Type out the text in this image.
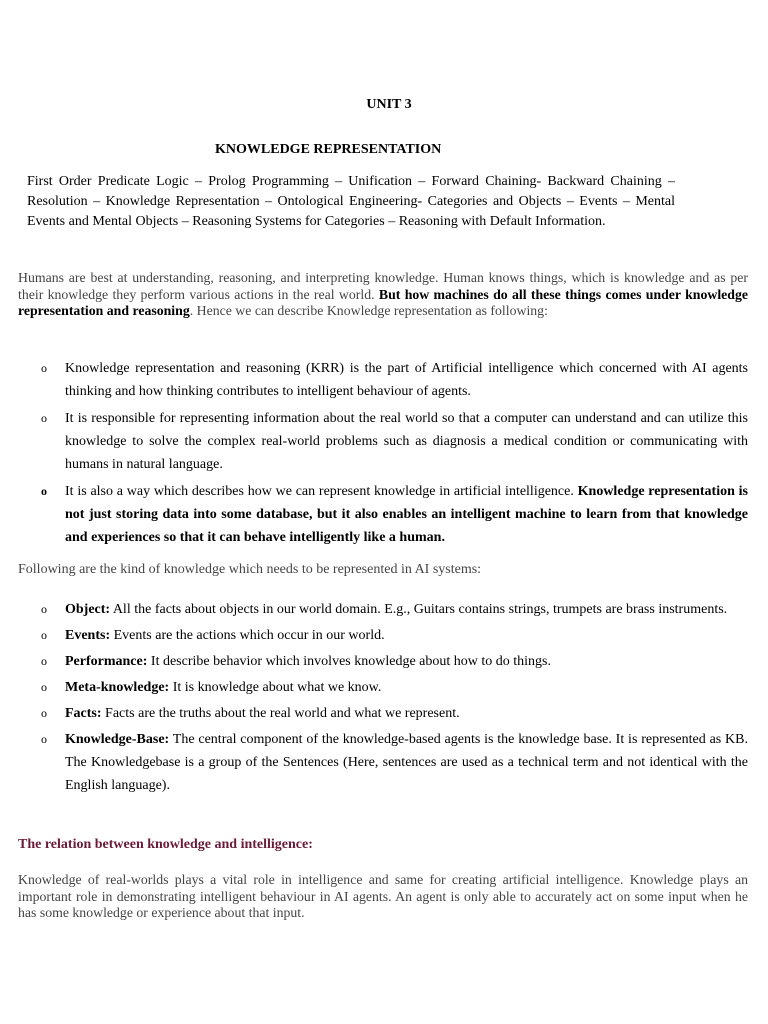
UNIT 3
KNOWLEDGE REPRESENTATION
First Order Predicate Logic – Prolog Programming – Unification – Forward Chaining- Backward Chaining – Resolution – Knowledge Representation – Ontological Engineering- Categories and Objects – Events – Mental Events and Mental Objects – Reasoning Systems for Categories – Reasoning with Default Information.

Humans are best at understanding, reasoning, and interpreting knowledge. Human knows things, which is knowledge and as per their knowledge they perform various actions in the real world. But how machines do all these things comes under knowledge representation and reasoning. Hence we can describe Knowledge representation as following:

o Knowledge representation and reasoning (KRR) is the part of Artificial intelligence which concerned with AI agents thinking and how thinking contributes to intelligent behaviour of agents.
o It is responsible for representing information about the real world so that a computer can understand and can utilize this knowledge to solve the complex real-world problems such as diagnosis a medical condition or communicating with humans in natural language.
o It is also a way which describes how we can represent knowledge in artificial intelligence. Knowledge representation is not just storing data into some database, but it also enables an intelligent machine to learn from that knowledge and experiences so that it can behave intelligently like a human.
Following are the kind of knowledge which needs to be represented in AI systems:
o Object: All the facts about objects in our world domain. E.g., Guitars contains strings, trumpets are brass instruments.
o Events: Events are the actions which occur in our world.
o Performance: It describe behavior which involves knowledge about how to do things.
o Meta-knowledge: It is knowledge about what we know.
o Facts: Facts are the truths about the real world and what we represent.
o Knowledge-Base: The central component of the knowledge-based agents is the knowledge base. It is represented as KB. The Knowledgebase is a group of the Sentences (Here, sentences are used as a technical term and not identical with the English language).
The relation between knowledge and intelligence:

Knowledge of real-worlds plays a vital role in intelligence and same for creating artificial intelligence. Knowledge plays an important role in demonstrating intelligent behaviour in AI agents. An agent is only able to accurately act on some input when he has some knowledge or experience about that input.
